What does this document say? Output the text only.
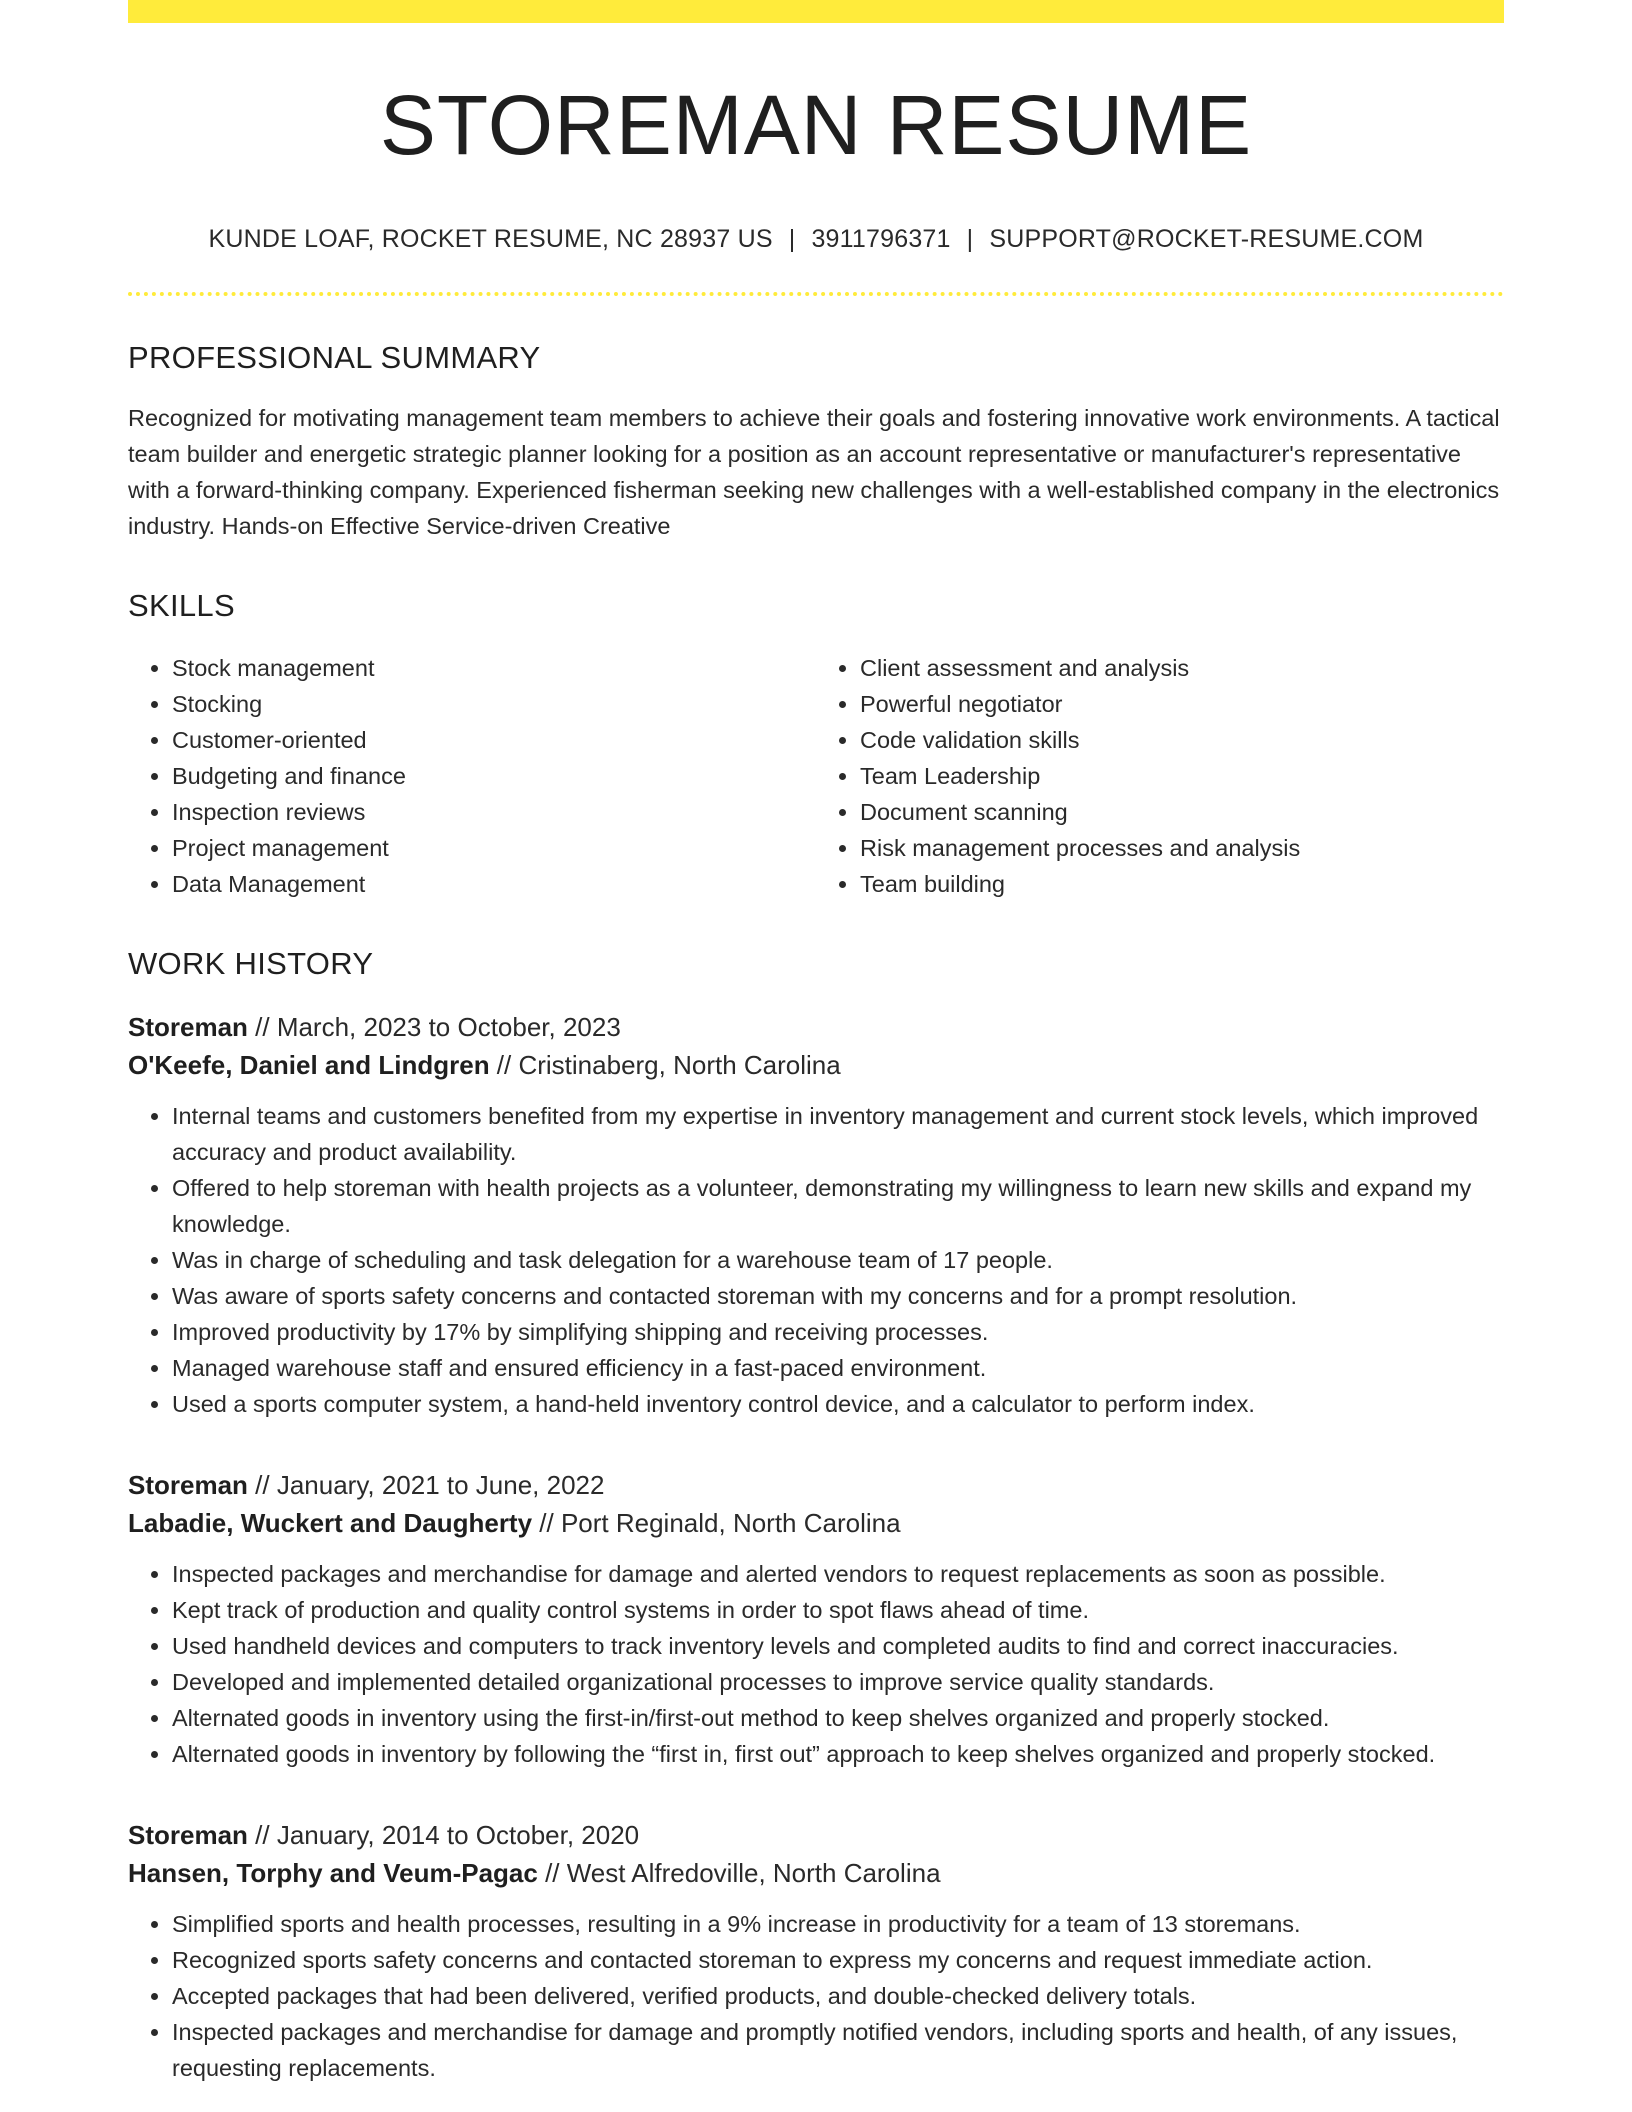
STOREMAN RESUME
KUNDE LOAF, ROCKET RESUME, NC 28937 US | 3911796371 | SUPPORT@ROCKET-RESUME.COM
PROFESSIONAL SUMMARY
Recognized for motivating management team members to achieve their goals and fostering innovative work environments. A tactical team builder and energetic strategic planner looking for a position as an account representative or manufacturer's representative with a forward-thinking company. Experienced fisherman seeking new challenges with a well-established company in the electronics industry. Hands-on Effective Service-driven Creative
SKILLS
• Stock management
• Stocking
• Customer-oriented
• Budgeting and finance
• Inspection reviews
• Project management
• Data Management
• Client assessment and analysis
• Powerful negotiator
• Code validation skills
• Team Leadership
• Document scanning
• Risk management processes and analysis
• Team building
WORK HISTORY
Storeman // March, 2023 to October, 2023
O'Keefe, Daniel and Lindgren // Cristinaberg, North Carolina
• Internal teams and customers benefited from my expertise in inventory management and current stock levels, which improved accuracy and product availability.
• Offered to help storeman with health projects as a volunteer, demonstrating my willingness to learn new skills and expand my knowledge.
• Was in charge of scheduling and task delegation for a warehouse team of 17 people.
• Was aware of sports safety concerns and contacted storeman with my concerns and for a prompt resolution.
• Improved productivity by 17% by simplifying shipping and receiving processes.
• Managed warehouse staff and ensured efficiency in a fast-paced environment.
• Used a sports computer system, a hand-held inventory control device, and a calculator to perform index.
Storeman // January, 2021 to June, 2022
Labadie, Wuckert and Daugherty // Port Reginald, North Carolina
• Inspected packages and merchandise for damage and alerted vendors to request replacements as soon as possible.
• Kept track of production and quality control systems in order to spot flaws ahead of time.
• Used handheld devices and computers to track inventory levels and completed audits to find and correct inaccuracies.
• Developed and implemented detailed organizational processes to improve service quality standards.
• Alternated goods in inventory using the first-in/first-out method to keep shelves organized and properly stocked.
• Alternated goods in inventory by following the “first in, first out” approach to keep shelves organized and properly stocked.
Storeman // January, 2014 to October, 2020
Hansen, Torphy and Veum-Pagac // West Alfredoville, North Carolina
• Simplified sports and health processes, resulting in a 9% increase in productivity for a team of 13 storemans.
• Recognized sports safety concerns and contacted storeman to express my concerns and request immediate action.
• Accepted packages that had been delivered, verified products, and double-checked delivery totals.
• Inspected packages and merchandise for damage and promptly notified vendors, including sports and health, of any issues, requesting replacements.
